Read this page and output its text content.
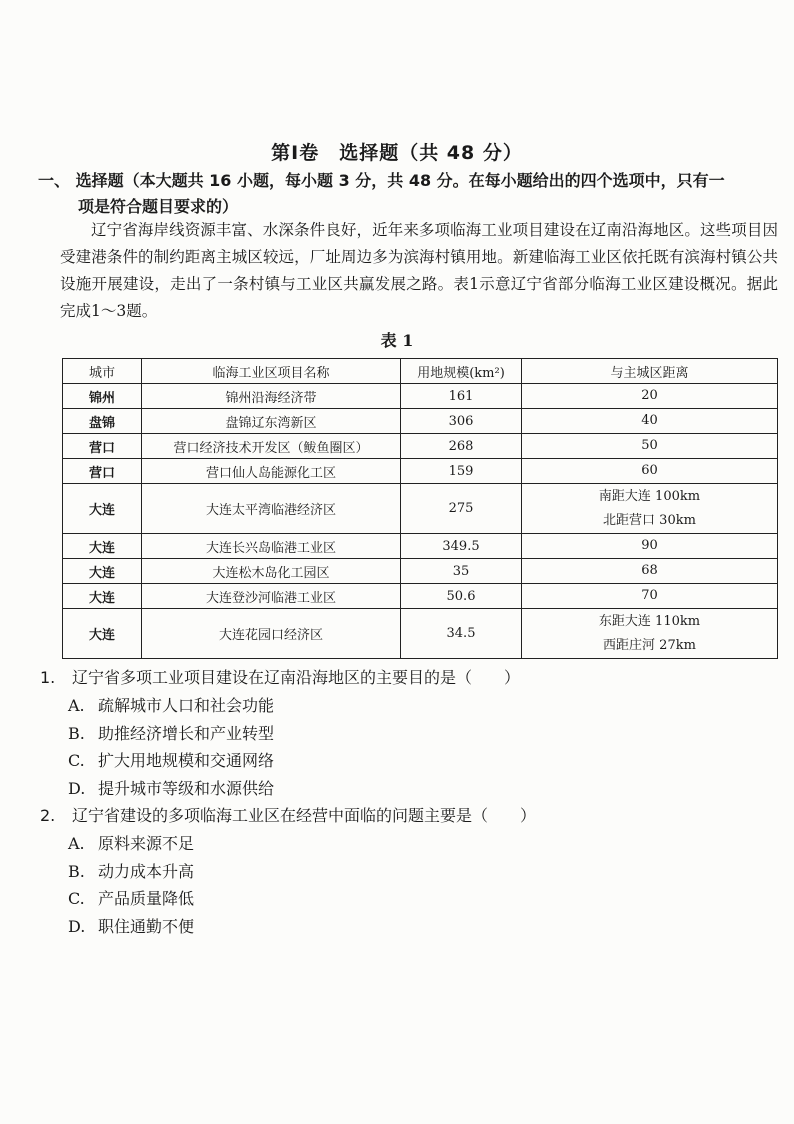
第Ⅰ卷　选择题（共 48 分）
一、 选择题（本大题共 16 小题，每小题 3 分，共 48 分。在每小题给出的四个选项中，只有一
项是符合题目要求的）

辽宁省海岸线资源丰富、水深条件良好，近年来多项临海工业项目建设在辽南沿海地区。这些项目因受建港条件的制约距离主城区较远，厂址周边多为滨海村镇用地。新建临海工业区依托既有滨海村镇公共设施开展建设，走出了一条村镇与工业区共赢发展之路。表1示意辽宁省部分临海工业区建设概况。据此完成1～3题。

表 1
城市	临海工业区项目名称	用地规模(km²)	与主城区距离
锦州	锦州沿海经济带	161	20

盘锦	盘锦辽东湾新区	306	40

营口	营口经济技术开发区（鲅鱼圈区）	268	50

营口	营口仙人岛能源化工区	159	60

大连	大连太平湾临港经济区	275	南距大连 100km
北距营口 30km

大连	大连长兴岛临港工业区	349.5	90

大连	大连松木岛化工园区	35	68

大连	大连登沙河临港工业区	50.6	70

大连	大连花园口经济区	34.5	东距大连 110km
西距庄河 27km
1. 辽宁省多项工业项目建设在辽南沿海地区的主要目的是（　　）
A. 疏解城市人口和社会功能
B. 助推经济增长和产业转型
C. 扩大用地规模和交通网络
D. 提升城市等级和水源供给
2. 辽宁省建设的多项临海工业区在经营中面临的问题主要是（　　）
A. 原料来源不足
B. 动力成本升高
C. 产品质量降低
D. 职住通勤不便
